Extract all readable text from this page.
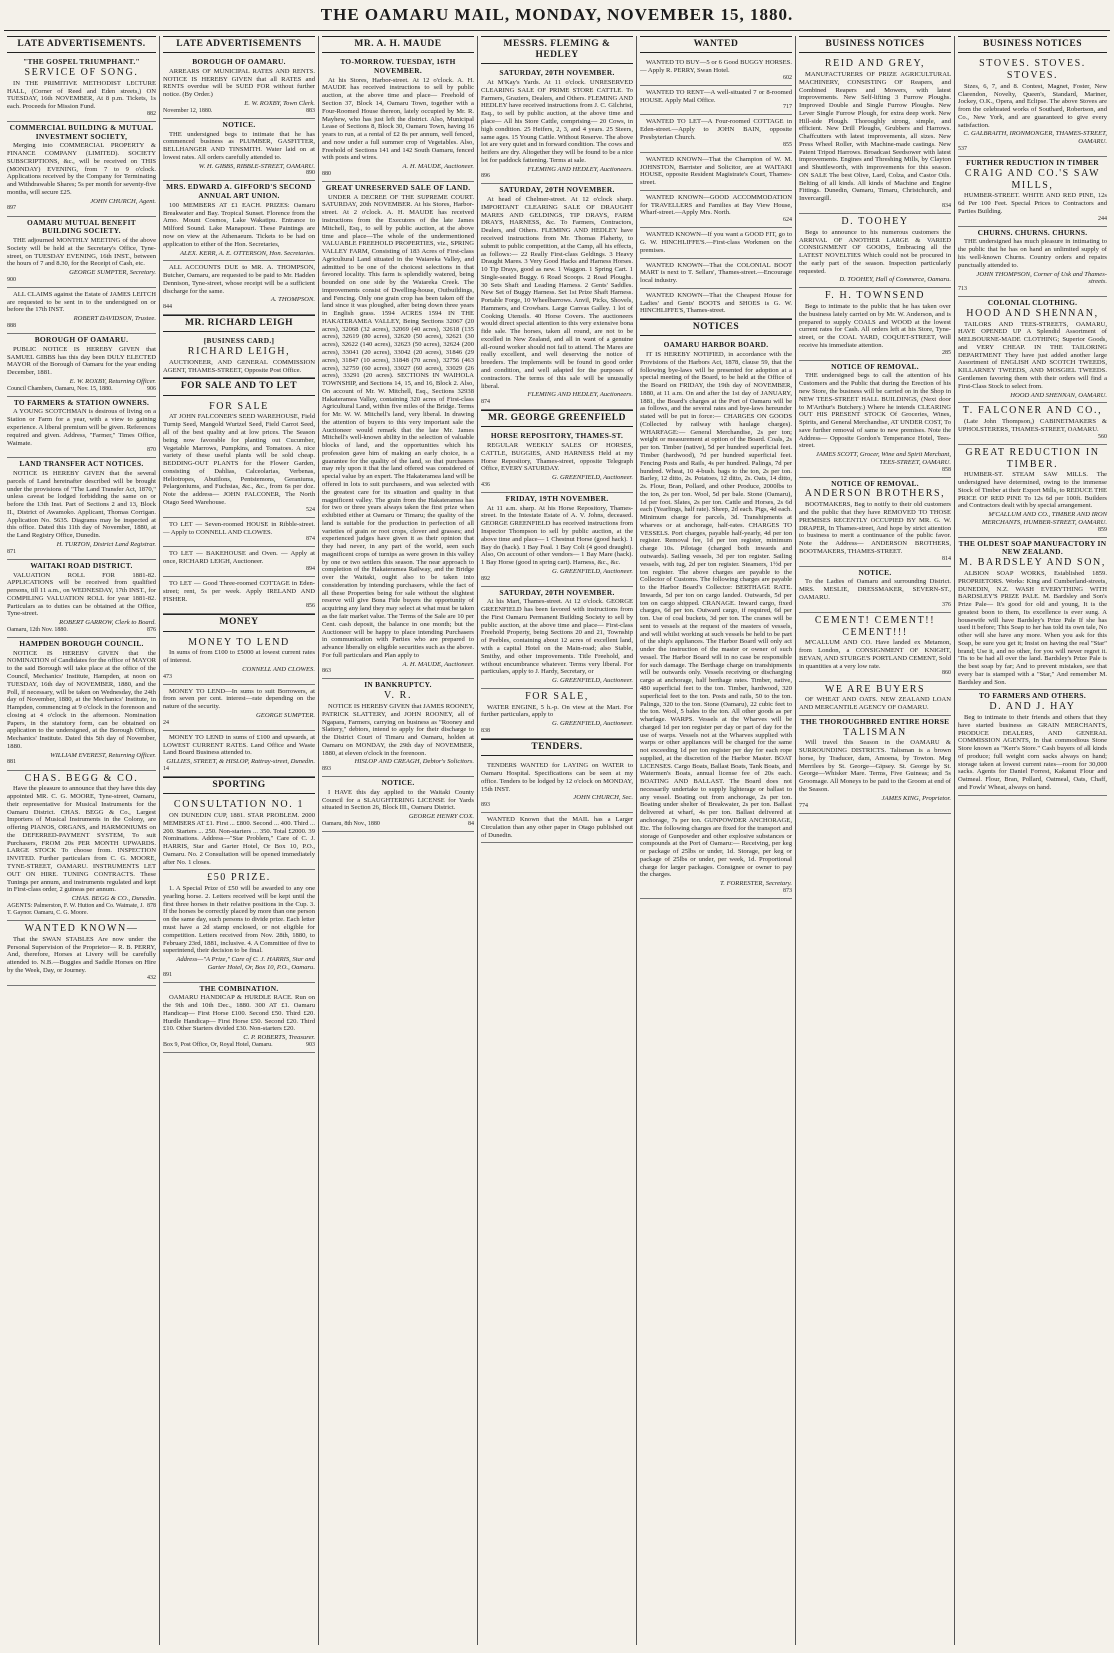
THE OAMARU MAIL, MONDAY, NOVEMBER 15, 1880.
LATE ADVERTISEMENTS.
"THE GOSPEL TRIUMPHANT."
SERVICE OF SONG.
IN THE PRIMITIVE METHODIST LECTURE HALL, (Corner of Reed and Eden streets,) ON TUESDAY, 16th NOVEMBER, At 8 p.m. Tickets, 1s each. Proceeds for Mission Fund.
882
COMMERCIAL BUILDING & MUTUAL INVESTMENT SOCIETY,
Merging into COMMERCIAL PROPERTY & FINANCE COMPANY (LIMITED). SOCIETY SUBSCRIPTIONS, &c., will be received on THIS (MONDAY) EVENING, from 7 to 9 o'clock. Applications received by the Company for Terminating and Withdrawable Shares; 5s per month for seventy-five months, will secure £25.
JOHN CHURCH, Agent.
897
OAMARU MUTUAL BENEFIT BUILDING SOCIETY.
THE adjourned MONTHLY MEETING of the above Society will be held at the Secretary's Office, Tyne-street, on TUESDAY EVENING, 16th INST., between the hours of 7 and 8.30, for the Receipt of Cash, etc.
GEORGE SUMPTER, Secretary.
900
ALL CLAIMS against the Estate of JAMES LEITCH are requested to be sent in to the undersigned on or before the 17th INST.
ROBERT DAVIDSON, Trustee.
888
BOROUGH OF OAMARU.
PUBLIC NOTICE IS HEREBY GIVEN that SAMUEL GIBBS has this day been DULY ELECTED MAYOR of the Borough of Oamaru for the year ending December, 1881.
E. W. ROXBY, Returning Officer.
Council Chambers, Oamaru, Nov. 15, 1880.	906
TO FARMERS & STATION OWNERS.
A YOUNG SCOTCHMAN is desirous of living on a Station or Farm for a year, with a view to gaining experience. A liberal premium will be given. References required and given. Address, "Farmer," Times Office, Waimate.
870
LAND TRANSFER ACT NOTICES.
NOTICE IS HEREBY GIVEN that the several parcels of Land hereinafter described will be brought under the provisions of "The Land Transfer Act, 1870," unless caveat be lodged forbidding the same on or before the 13th Inst. Part of Sections 2 and 13, Block II., District of Awamoko. Applicant, Thomas Corrigan. Application No. 5635. Diagrams may be inspected at this office. Dated this 11th day of November, 1880, at the Land Registry Office, Dunedin.
H. TURTON, District Land Registrar.
871
WAITAKI ROAD DISTRICT.
VALUATION ROLL FOR 1881-82. APPLICATIONS will be received from qualified persons, till 11 a.m., on WEDNESDAY, 17th INST., for COMPILING VALUATION ROLL for year 1881-82. Particulars as to duties can be obtained at the Office, Tyne-street.
ROBERT GARROW, Clerk to Board.
Oamaru, 12th Nov. 1880.	876
HAMPDEN BOROUGH COUNCIL.
NOTICE IS HEREBY GIVEN that the NOMINATION of Candidates for the office of MAYOR to the said Borough will take place at the office of the Council, Mechanics' Institute, Hampden, at noon on TUESDAY, 16th day of NOVEMBER, 1880, and the Poll, if necessary, will be taken on Wednesday, the 24th day of November, 1880, at the Mechanics' Institute, in Hampden, commencing at 9 o'clock in the forenoon and closing at 4 o'clock in the afternoon. Nomination Papers, in the statutory form, can be obtained on application to the undersigned, at the Borough Offices, Mechanics' Institute. Dated this 5th day of November, 1880.
WILLIAM EVEREST, Returning Officer.
881
CHAS. BEGG & CO.
Have the pleasure to announce that they have this day appointed MR. C. G. MOORE, Tyne-street, Oamaru, their representative for Musical Instruments for the Oamaru District. CHAS. BEGG & Co., Largest Importers of Musical Instruments in the Colony, are offering PIANOS, ORGANS, and HARMONIUMS on the DEFERRED-PAYMENT SYSTEM, To suit Purchasers, FROM 20s PER MONTH UPWARDS. LARGE STOCK To choose from. INSPECTION INVITED. Further particulars from C. G. MOORE, TYNE-STREET, OAMARU. INSTRUMENTS LET OUT ON HIRE. TUNING CONTRACTS. These Tunings per annum, and instruments regulated and kept in First-class order, 2 guineas per annum.
CHAS. BEGG & CO., Dunedin.
AGENTS: Palmerston, F. W. Hutton and Co. Waimate, J. T. Gaynor. Oamaru, C. G. Moore.
878
WANTED KNOWN—
That the SWAN STABLES Are now under the Personal Supervision of the Proprietor— R. B. PERRY, And, therefore, Horses at Livery will be carefully attended to. N.B.—Buggies and Saddle Horses on Hire by the Week, Day, or Journey.
432
LATE ADVERTISEMENTS
BOROUGH OF OAMARU.
ARREARS OF MUNICIPAL RATES AND RENTS. NOTICE IS HEREBY GIVEN that all RATES and RENTS overdue will be SUED FOR without further notice. (By Order.)
E. W. ROXBY, Town Clerk.
November 12, 1880.	883
NOTICE.
THE undersigned begs to intimate that he has commenced business as PLUMBER, GASFITTER, BELLHANGER AND TINSMITH. Water laid on at lowest rates. All orders carefully attended to.
W. H. GIBBS, RIBBLE-STREET, OAMARU.
890
MRS. EDWARD A. GIFFORD'S SECOND ANNUAL ART UNION.
100 MEMBERS AT £1 EACH. PRIZES: Oamaru Breakwater and Bay. Tropical Sunset. Florence from the Arno. Mount Cosmos, Lake Wakatipu. Entrance to Milford Sound. Lake Manapouri. These Paintings are now on view at the Athenaeum. Tickets to be had on application to either of the Hon. Secretaries,
ALEX. KERR, A. E. OTTERSON, Hon. Secretaries.
ALL ACCOUNTS DUE to MR. A. THOMPSON, Butcher, Oamaru, are requested to be paid to Mr. Hadden Dennison, Tyne-street, whose receipt will be a sufficient discharge for the same.
A. THOMPSON.
844
MR. RICHARD LEIGH
[BUSINESS CARD.]
RICHARD LEIGH,
AUCTIONEER, AND GENERAL COMMISSION AGENT, THAMES-STREET, Opposite Post Office.
FOR SALE AND TO LET
FOR SALE
AT JOHN FALCONER'S SEED WAREHOUSE, Field Turnip Seed, Mangold Wurtzel Seed, Field Carrot Seed, all of the best quality and at low prices. The Season being now favorable for planting out Cucumber, Vegetable Marrows, Pumpkins, and Tomatoes. A nice variety of these useful plants will be sold cheap. BEDDING-OUT PLANTS for the Flower Garden, consisting of Dahlias, Calceolarias, Verbenas, Heliotropes, Abutilons, Pentstemons, Geraniums, Pelargoniums, and Fuchsias, &c., &c., from 6s per doz. Note the address— JOHN FALCONER, The North Otago Seed Warehouse.
524
TO LET — Seven-roomed HOUSE in Ribble-street. — Apply to CONNELL AND CLOWES.
874
TO LET — BAKEHOUSE and Oven. — Apply at once, RICHARD LEIGH, Auctioneer.
894
TO LET — Good Three-roomed COTTAGE in Eden-street; rent, 5s per week. Apply IRELAND AND FISHER.
856
MONEY
MONEY TO LEND
In sums of from £100 to £5000 at lowest current rates of interest.
CONNELL AND CLOWES.
473
MONEY TO LEND—In sums to suit Borrowers, at from seven per cent. interest—rate depending on the nature of the security.
GEORGE SUMPTER.
24
MONEY TO LEND in sums of £100 and upwards, at LOWEST CURRENT RATES. Land Office and Waste Land Board Business attended to.
GILLIES, STREET, & HISLOP, Rattray-street, Dunedin.
14
SPORTING
CONSULTATION NO. 1
ON DUNEDIN CUP, 1881. STAR PROBLEM. 2000 MEMBERS AT £1. First ... £800. Second ... 400. Third ... 200. Starters ... 250. Non-starters ... 350. Total £2000. 39 Nominations. Address—"Star Problem," Care of C. J. HARRIS, Star and Garter Hotel, Or Box 10, P.O., Oamaru. No. 2 Consultation will be opened immediately after No. 1 closes.
£50 PRIZE.
1. A Special Prize of £50 will be awarded to any one yearling horse. 2. Letters received will be kept until the first three horses in their relative positions in the Cup. 3. If the horses be correctly placed by more than one person on the same day, such persons to divide prize. Each letter must have a 2d stamp enclosed, or not eligible for competition. Letters received from Nov. 28th, 1880, to February 23rd, 1881, inclusive. 4. A Committee of five to superintend, their decision to be final.
Address—"A Prize," Care of C. J. HARRIS, Star and Garter Hotel, Or, Box 10, P.O., Oamaru.
891
THE COMBINATION.
OAMARU HANDICAP & HURDLE RACE. Run on the 9th and 10th Dec., 1880. 300 AT £1. Oamaru Handicap— First Horse £100. Second £50. Third £20. Hurdle Handicap— First Horse £50. Second £20. Third £10. Other Starters divided £30. Non-starters £20.
C. P. ROBERTS, Treasurer.
Box 9, Post Office, Or, Royal Hotel, Oamaru.	903
MR. A. H. MAUDE
TO-MORROW. TUESDAY, 16TH NOVEMBER.
At his Stores, Harbor-street. At 12 o'clock. A. H. MAUDE has received instructions to sell by public auction, at the above time and place— Freehold of Section 37, Block 14, Oamaru Town, together with a Four-Roomed House thereon, lately occupied by Mr. R. Mayhew, who has just left the district. Also, Municipal Lease of Sections 8, Block 30, Oamaru Town, having 16 years to run, at a rental of £2 8s per annum, well fenced, and now under a full summer crop of Vegetables. Also, Freehold of Sections 141 and 142 South Oamaru, fenced with posts and wires.
A. H. MAUDE, Auctioneer.
880
GREAT UNRESERVED SALE OF LAND.
UNDER A DECREE OF THE SUPREME COURT. SATURDAY, 20th NOVEMBER. At his Stores, Harbor-street. At 2 o'clock. A. H. MAUDE has received instructions from the Executors of the late James Mitchell, Esq., to sell by public auction, at the above time and place—The whole of the undermentioned VALUABLE FREEHOLD PROPERTIES, viz., SPRING VALLEY FARM, Consisting of 183 Acres of First-class Agricultural Land situated in the Waiareka Valley, and admitted to be one of the choicest selections in that favored locality. This farm is splendidly watered, being bounded on one side by the Waiareka Creek. The improvements consist of Dwelling-house, Outbuildings, and Fencing. Only one grain crop has been taken off the land since it was ploughed, after being down three years in English grass. 1594 ACRES 1594 IN THE HAKATERAMEA VALLEY, Being Sections 32067 (20 acres), 32068 (32 acres), 32069 (40 acres), 32618 (135 acres), 32619 (80 acres), 32620 (50 acres), 32621 (30 acres), 32622 (140 acres), 32623 (50 acres), 32624 (200 acres), 33041 (20 acres), 33042 (20 acres), 31846 (29 acres), 31847 (10 acres), 31848 (70 acres), 32756 (463 acres), 32759 (60 acres), 33027 (60 acres), 33029 (26 acres), 33291 (20 acres). SECTIONS IN WAIHOLA TOWNSHIP, and Sections 14, 15, and 16, Block 2. Also, On account of Mr. W. Mitchell, Esq., Sections 32938 Hakateramea Valley, containing 320 acres of First-class Agricultural Land, within five miles of the Bridge. Terms for Mr. W. W. Mitchell's land, very liberal. In drawing the attention of buyers to this very important sale the Auctioneer would remark that the late Mr. James Mitchell's well-known ability in the selection of valuable blocks of land, and the opportunities which his profession gave him of making an early choice, is a guarantee for the quality of the land, so that purchasers may rely upon it that the land offered was considered of special value by an expert. The Hakateramea land will be offered in lots to suit purchasers, and was selected with the greatest care for its situation and quality in that magnificent valley. The grain from the Hakateramea has for two or three years always taken the first prize when exhibited either at Oamaru or Timaru; the quality of the land is suitable for the production in perfection of all varieties of grain or root crops, clover and grasses; and experienced judges have given it as their opinion that they had never, in any part of the world, seen such magnificent crops of turnips as were grown in this valley by one or two settlers this season. The near approach to completion of the Hakateramea Railway, and the Bridge over the Waitaki, ought also to be taken into consideration by intending purchasers, while the fact of all these Properties being for sale without the slightest reserve will give Bona Fide buyers the opportunity of acquiring any land they may select at what must be taken as the fair market value. The Terms of the Sale are 10 per Cent. cash deposit, the balance in one month; but the Auctioneer will be happy to place intending Purchasers in communication with Parties who are prepared to advance liberally on eligible securities such as the above. For full particulars and Plan apply to
A. H. MAUDE, Auctioneer.
863
IN BANKRUPTCY.
V. R.
NOTICE IS HEREBY GIVEN that JAMES ROONEY, PATRICK SLATTERY, and JOHN ROONEY, all of Ngapara, Farmers, carrying on business as "Rooney and Slattery," debtors, intend to apply for their discharge to the District Court of Timaru and Oamaru, holden at Oamaru on MONDAY, the 29th day of NOVEMBER, 1880, at eleven o'clock in the forenoon.
HISLOP AND CREAGH, Debtor's Solicitors.
893
NOTICE.
I HAVE this day applied to the Waitaki County Council for a SLAUGHTERING LICENSE for Yards situated in Section 26, Block III., Oamaru District.
GEORGE HENRY COX.
Oamaru, 8th Nov., 1880	84
MESSRS. FLEMING & HEDLEY
SATURDAY, 20TH NOVEMBER.
At M'Kay's Yards. At 11 o'clock. UNRESERVED CLEARING SALE OF PRIME STORE CATTLE. To Farmers, Graziers, Dealers, and Others. FLEMING AND HEDLEY have received instructions from J. C. Gilchrist, Esq., to sell by public auction, at the above time and place— All his Store Cattle, comprising— 20 Cows, in high condition. 25 Heifers, 2, 3, and 4 years. 25 Steers, same ages. 15 Young Cattle. Without Reserve. The above lot are very quiet and in forward condition. The cows and heifers are dry. Altogether they will be found to be a nice lot for paddock fattening. Terms at sale.
FLEMING AND HEDLEY, Auctioneers.
896
SATURDAY, 20TH NOVEMBER.
At head of Chelmer-street. At 12 o'clock sharp. IMPORTANT CLEARING SALE OF DRAUGHT MARES AND GELDINGS, TIP DRAYS, FARM DRAYS, HARNESS, &c. To Farmers, Contractors, Dealers, and Others. FLEMING AND HEDLEY have received instructions from Mr. Thomas Flaherty, to submit to public competition, at the Camp, all his effects, as follows:— 22 Really First-class Geldings. 3 Heavy Draught Mares. 3 Very Good Hacks and Harness Horses. 10 Tip Drays, good as new. 1 Waggon. 1 Spring Cart. 1 Single-seated Buggy. 6 Road Scoops. 2 Road Ploughs. 30 Sets Shaft and Leading Harness. 2 Gents' Saddles. New Set of Buggy Harness. Set 1st Prize Shaft Harness. Portable Forge, 10 Wheelbarrows. Anvil, Picks, Shovels, Hammers, and Crowbars. Large Canvas Galley. 1 lot of Cooking Utensils. 40 Horse Covers. The auctioneers would direct special attention to this very extensive bona fide sale. The horses, taken all round, are not to be excelled in New Zealand, and all in want of a genuine all-round worker should not fail to attend. The Mares are really excellent, and well deserving the notice of breeders. The implements will be found in good order and condition, and well adapted for the purposes of contractors. The terms of this sale will be unusually liberal.
FLEMING AND HEDLEY, Auctioneers.
874
MR. GEORGE GREENFIELD
HORSE REPOSITORY, THAMES-ST.
REGULAR WEEKLY SALES OF HORSES, CATTLE, BUGGIES, AND HARNESS Held at my Horse Repository, Thames-street, opposite Telegraph Office, EVERY SATURDAY.
G. GREENFIELD, Auctioneer.
436
FRIDAY, 19TH NOVEMBER.
At 11 a.m. sharp. At his Horse Repository, Thames-street. In the Intestate Estate of A. V. Johns, deceased. GEORGE GREENFIELD has received instructions from Inspector Thompson to sell by public auction, at the above time and place— 1 Chestnut Horse (good hack). 1 Bay do (hack). 1 Bay Foal. 1 Bay Colt (4 good draught). Also, On account of other vendors— 1 Bay Mare (hack). 1 Bay Horse (good in spring cart). Harness, &c., &c.
G. GREENFIELD, Auctioneer.
892
SATURDAY, 20TH NOVEMBER.
At his Mart, Thames-street. At 12 o'clock. GEORGE GREENFIELD has been favored with instructions from the First Oamaru Permanent Building Society to sell by public auction, at the above time and place— First-class Freehold Property, being Sections 20 and 21, Township of Peebles, containing about 12 acres of excellent land, with a capital Hotel on the Main-road; also Stable, Smithy, and other improvements. Title Freehold, and without encumbrance whatever. Terms very liberal. For particulars, apply to J. Hardy, Secretary, or
G. GREENFIELD, Auctioneer.
FOR SALE,
WATER ENGINE, 5 h.-p. On view at the Mart. For further particulars, apply to
G. GREENFIELD, Auctioneer.
838
TENDERS.
TENDERS WANTED for LAYING on WATER to Oamaru Hospital. Specifications can be seen at my office. Tenders to be lodged by 12 o'clock on MONDAY, 15th INST.
JOHN CHURCH, Sec.
893
WANTED Known that the MAIL has a Larger Circulation than any other paper in Otago published out of Dunedin.
WANTED
WANTED TO BUY—5 or 6 Good BUGGY HORSES. — Apply R. PERRY, Swan Hotel.
602
WANTED TO RENT—A well-situated 7 or 8-roomed HOUSE. Apply Mail Office.
717
WANTED TO LET—A Four-roomed COTTAGE in Eden-street.—Apply to JOHN BAIN, opposite Presbyterian Church.
855
WANTED KNOWN—That the Champion of W. M. JOHNSTON, Barrister and Solicitor, are at WAITAKI HOUSE, opposite Resident Magistrate's Court, Thames-street.
WANTED KNOWN—GOOD ACCOMMODATION for TRAVELLERS and Families at Bay View House, Wharf-street.—Apply Mrs. North.
624
WANTED KNOWN—If you want a GOOD FIT, go to G. W. HINCHLIFFE'S.—First-class Workmen on the premises.
WANTED KNOWN—That the COLONIAL BOOT MART is next to T. Sellars', Thames-street.—Encourage local industry.
WANTED KNOWN—That the Cheapest House for Ladies' and Gents' BOOTS and SHOES is G. W. HINCHLIFFE'S, Thames-street.
NOTICES
OAMARU HARBOR BOARD.
IT IS HEREBY NOTIFIED, in accordance with the Provisions of the Harbors Act, 1878, clause 59, that the following bye-laws will be presented for adoption at a special meeting of the Board, to be held at the Office of the Board on FRIDAY, the 19th day of NOVEMBER, 1880, at 11 a.m. On and after the 1st day of JANUARY, 1881, the Board's charges at the Port of Oamaru will be as follows, and the several rates and bye-laws hereunder stated will be put in force:— CHARGES ON GOODS (Collected by railway with haulage charges). WHARFAGE:— General Merchandise, 2s per ton; weight or measurement at option of the Board. Coals, 2s per ton. Timber (native), 5d per hundred superficial feet. Timber (hardwood), 7d per hundred superficial feet. Fencing Posts and Rails, 4s per hundred. Palings, 7d per hundred. Wheat, 10 4-bush. bags to the ton, 2s per ton. Barley, 12 ditto, 2s. Potatoes, 12 ditto, 2s. Oats, 14 ditto, 2s. Flour, Bran, Pollard, and other Produce, 2000lbs to the ton, 2s per ton. Wool, 5d per bale. Stone (Oamaru), 1d per foot. Slates, 2s per ton. Cattle and Horses, 2s 6d each (Yearlings, half rate). Sheep, 2d each. Pigs, 4d each. Minimum charge for parcels, 3d. Transhipments at wharves or at anchorage, half-rates. CHARGES TO VESSELS. Port charges, payable half-yearly, 4d per ton register. Removal fee, 1d per ton register, minimum charge 10s. Pilotage (charged both inwards and outwards). Sailing vessels, 3d per ton register. Sailing vessels, with tug, 2d per ton register. Steamers, 1½d per ton register. The above charges are payable to the Collector of Customs. The following charges are payable to the Harbor Board's Collector: BERTHAGE RATE. Inwards, 5d per ton on cargo landed. Outwards, 5d per ton on cargo shipped. CRANAGE. Inward cargo, fixed charges, 6d per ton. Outward cargo, if required, 6d per ton. Use of coal buckets, 3d per ton. The cranes will be sent to vessels at the request of the masters of vessels, and will whilst working at such vessels be held to be part of the ship's appliances. The Harbor Board will only act under the instruction of the master or owner of such vessel. The Harbor Board will in no case be responsible for such damage. The Berthage charge on transhipments will be outwards only. Vessels receiving or discharging cargo at anchorage, half berthage rates. Timber, native, 480 superficial feet to the ton. Timber, hardwood, 320 superficial feet to the ton. Posts and rails, 50 to the ton. Palings, 320 to the ton. Stone (Oamaru), 22 cubic feet to the ton. Wool, 5 bales to the ton. All other goods as per wharfage. WARPS. Vessels at the Wharves will be charged 1d per ton register per day or part of day for the use of warps. Vessels not at the Wharves supplied with warps or other appliances will be charged for the same not exceeding 1d per ton register per day for each rope supplied, at the discretion of the Harbor Master. BOAT LICENSES. Cargo Boats, Ballast Boats, Tank Boats, and Watermen's Boats, annual license fee of 20s each. BOATING AND BALLAST. The Board does not necessarily undertake to supply lighterage or ballast to any vessel. Boating out from anchorage, 2s per ton. Boating under shelter of Breakwater, 2s per ton. Ballast delivered at wharf, 4s per ton. Ballast delivered at anchorage, 7s per ton. GUNPOWDER ANCHORAGE, Etc. The following charges are fixed for the transport and storage of Gunpowder and other explosive substances or compounds at the Port of Oamaru:— Receiving, per keg or package of 25lbs or under, 1d. Storage, per keg or package of 25lbs or under, per week, 1d. Proportional charge for larger packages. Consignee or owner to pay the charges.
T. FORRESTER, Secretary.
873
BUSINESS NOTICES
REID AND GREY,
MANUFACTURERS OF PRIZE AGRICULTURAL MACHINERY, CONSISTING OF Reapers, and Combined Reapers and Mowers, with latest improvements. New Self-lifting 3 Furrow Ploughs. Improved Double and Single Furrow Ploughs. New Lever Single Furrow Plough, for extra deep work. New Hill-side Plough. Thoroughly strong, simple, and efficient. New Drill Ploughs, Grubbers and Harrows. Chaffcutters with latest improvements, all sizes. New Press Wheel Roller, with Machine-made castings. New Patent Tripod Harrows. Broadcast Seedsower with latest improvements. Engines and Threshing Mills, by Clayton and Shuttleworth, with improvements for this season. ON SALE The best Olive, Lard, Colza, and Castor Oils. Belting of all kinds. All kinds of Machine and Engine Fittings. Dunedin, Oamaru, Timaru, Christchurch, and Invercargill.
834
D. TOOHEY
Begs to announce to his numerous customers the ARRIVAL OF ANOTHER LARGE & VARIED CONSIGNMENT OF GOODS, Embracing all the LATEST NOVELTIES Which could not be procured in the early part of the season. Inspection particularly requested.
D. TOOHEY, Hall of Commerce, Oamaru.
F. H. TOWNSEND
Begs to intimate to the public that he has taken over the business lately carried on by Mr. W. Anderson, and is prepared to supply COALS and WOOD at the lowest current rates for Cash. All orders left at his Store, Tyne-street, or the COAL YARD, COQUET-STREET, Will receive his immediate attention.
285
NOTICE OF REMOVAL.
THE undersigned begs to call the attention of his Customers and the Public that during the Erection of his new Store, the business will be carried on in the Shop in NEW TEES-STREET HALL BUILDINGS, (Next door to M'Arthur's Butchery.) Where he intends CLEARING OUT HIS PRESENT STOCK Of Groceries, Wines, Spirits, and General Merchandise, AT UNDER COST, To save further removal of same to new premises. Note the Address— Opposite Gordon's Temperance Hotel, Tees-street.
JAMES SCOTT, Grocer, Wine and Spirit Merchant, TEES-STREET, OAMARU.
858
NOTICE OF REMOVAL.
ANDERSON BROTHERS,
BOOTMAKERS, Beg to notify to their old customers and the public that they have REMOVED TO THOSE PREMISES RECENTLY OCCUPIED BY MR. G. W. DRAPER, In Thames-street, And hope by strict attention to business to merit a continuance of the public favor. Note the Address— ANDERSON BROTHERS, BOOTMAKERS, THAMES-STREET.
814
NOTICE.
To the Ladies of Oamaru and surrounding District. MRS. MESLIE, DRESSMAKER, SEVERN-ST., OAMARU.
376
CEMENT! CEMENT!! CEMENT!!!
M'CALLUM AND CO. Have landed ex Metamon, from London, a CONSIGNMENT OF KNIGHT, BEVAN, AND STURGE'S PORTLAND CEMENT, Sold in quantities at a very low rate.
860
WE ARE BUYERS
OF WHEAT AND OATS. NEW ZEALAND LOAN AND MERCANTILE AGENCY OF OAMARU.
THE THOROUGHBRED ENTIRE HORSE
TALISMAN
Will travel this Season in the OAMARU & SURROUNDING DISTRICTS. Talisman is a brown horse, by Traducer, dam, Amoena, by Towton. Meg Merrilees by St. George—Gipsey. St. George by St. George—Whisker Mare. Terms, Five Guineas; and 5s Groomage. All Moneys to be paid to the Groom at end of the Season.
JAMES KING, Proprietor.
774
BUSINESS NOTICES
STOVES. STOVES. STOVES.
Sizes, 6, 7, and 8. Contest, Magnet, Foster, New Clarendon, Novelty, Queen's, Standard, Mariner, Jockey, O.K., Opera, and Eclipse. The above Stoves are from the celebrated works of Southard, Robertson, and Co., New York, and are guaranteed to give every satisfaction.
C. GALBRAITH, IRONMONGER, THAMES-STREET, OAMARU.
537
FURTHER REDUCTION IN TIMBER
CRAIG AND CO.'S SAW MILLS,
HUMBER-STREET. WHITE AND RED PINE, 12s 6d Per 100 Feet. Special Prices to Contractors and Parties Building.
244
CHURNS. CHURNS. CHURNS.
THE undersigned has much pleasure in intimating to the public that he has on hand an unlimited supply of his well-known Churns. Country orders and repairs punctually attended to.
JOHN THOMPSON, Corner of Usk and Thames-streets.
713
COLONIAL CLOTHING.
HOOD AND SHENNAN,
TAILORS AND TEES-STREETS, OAMARU, HAVE OPENED UP A Splendid Assortment of MELBOURNE-MADE CLOTHING; Superior Goods, and VERY CHEAP. IN THE TAILORING DEPARTMENT They have just added another large Assortment of ENGLISH AND SCOTCH TWEEDS, KILLARNEY TWEEDS, AND MOSGIEL TWEEDS. Gentlemen favoring them with their orders will find a First-Class Stock to select from.
HOOD AND SHENNAN, OAMARU.
T. FALCONER AND CO.,
(Late John Thompson,) CABINETMAKERS & UPHOLSTERERS, THAMES-STREET, OAMARU.
560
GREAT REDUCTION IN TIMBER.
HUMBER-ST. STEAM SAW MILLS. The undersigned have determined, owing to the immense Stock of Timber at their Export Mills, to REDUCE THE PRICE OF RED PINE To 12s 6d per 100ft. Builders and Contractors dealt with by special arrangement.
M'CALLUM AND CO., TIMBER AND IRON MERCHANTS, HUMBER-STREET, OAMARU.
859
THE OLDEST SOAP MANUFACTORY IN NEW ZEALAND.
M. BARDSLEY AND SON,
ALBION SOAP WORKS, Established 1859. PROPRIETORS. Works: King and Cumberland-streets, DUNEDIN, N.Z. WASH EVERYTHING WITH BARDSLEY'S PRIZE PALE. M. Bardsley and Son's Prize Pale— It's good for old and young, It is the greatest boon to them, Its excellence is ever sung. A housewife will have Bardsley's Prize Pale If she has used it before; This Soap to her has told its own tale, No other will she have any more. When you ask for this Soap, be sure you get it; Insist on having the real "Star" brand; Use it, and no other, for you will never regret it. 'Tis to be had all over the land. Bardsley's Prize Pale is the best soap by far; And to prevent mistakes, see that every bar is stamped with a "Star," And remember M. Bardsley and Son.
TO FARMERS AND OTHERS.
D. AND J. HAY
Beg to intimate to their friends and others that they have started business as GRAIN MERCHANTS, PRODUCE DEALERS, AND GENERAL COMMISSION AGENTS, In that commodious Stone Store known as "Kerr's Store." Cash buyers of all kinds of produce; full weight corn sacks always on hand; storage taken at lowest current rates—room for 30,000 sacks. Agents for Daniel Forrest, Kakanui Flour and Oatmeal. Flour, Bran, Pollard, Oatmeal, Oats, Chaff, and Fowls' Wheat, always on hand.
